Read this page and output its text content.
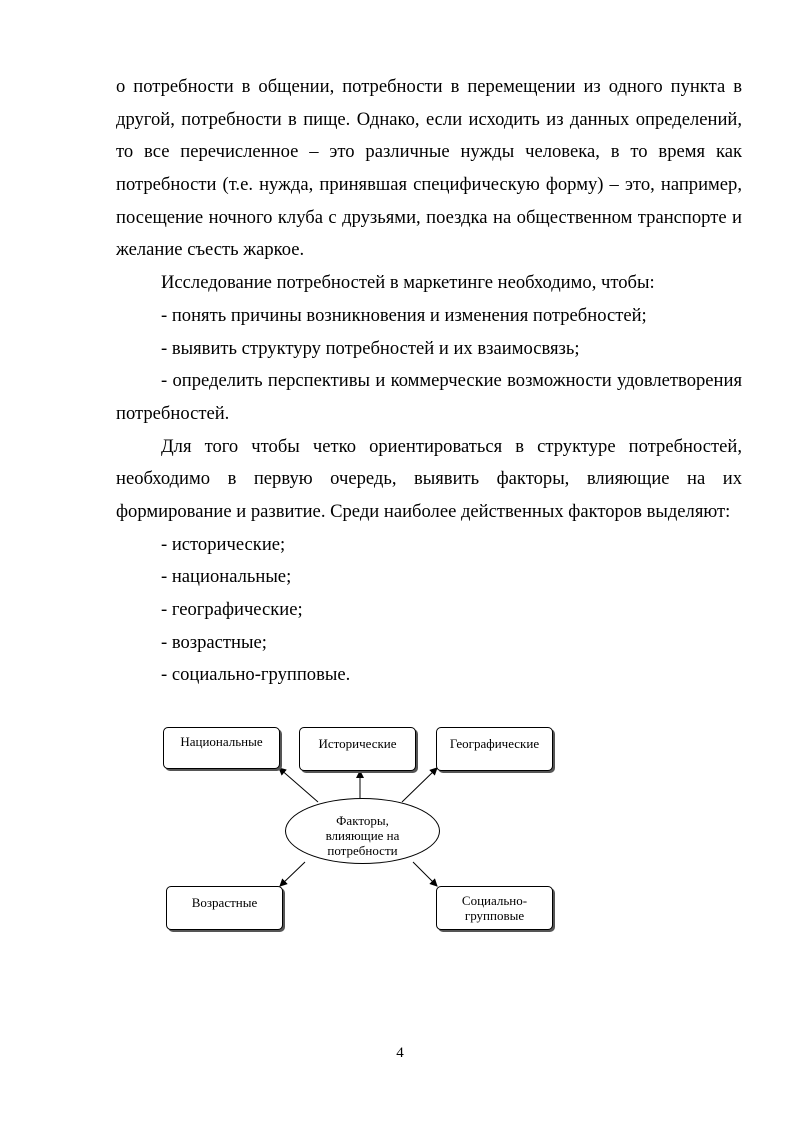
о потребности в общении, потребности в перемещении из одного пункта в
другой, потребности в пище. Однако, если исходить из данных определений,
то все перечисленное – это различные нужды человека, в то время как
потребности (т.е. нужда, принявшая специфическую форму) – это, например,
посещение ночного клуба с друзьями, поездка на общественном транспорте и
желание съесть жаркое.
Исследование потребностей в маркетинге необходимо, чтобы:
- понять причины возникновения и изменения потребностей;
- выявить структуру потребностей и их взаимосвязь;
- определить перспективы и коммерческие возможности удовлетворения
потребностей.
Для того чтобы четко ориентироваться в структуре потребностей,
необходимо в первую очередь, выявить факторы, влияющие на их
формирование и развитие. Среди наиболее действенных факторов выделяют:
- исторические;
- национальные;
- географические;
- возрастные;
- социально-групповые.
Национальные	Исторические	Географические
Факторы,
влияющие на
потребности
Возрастные	Социально-
групповые
4
